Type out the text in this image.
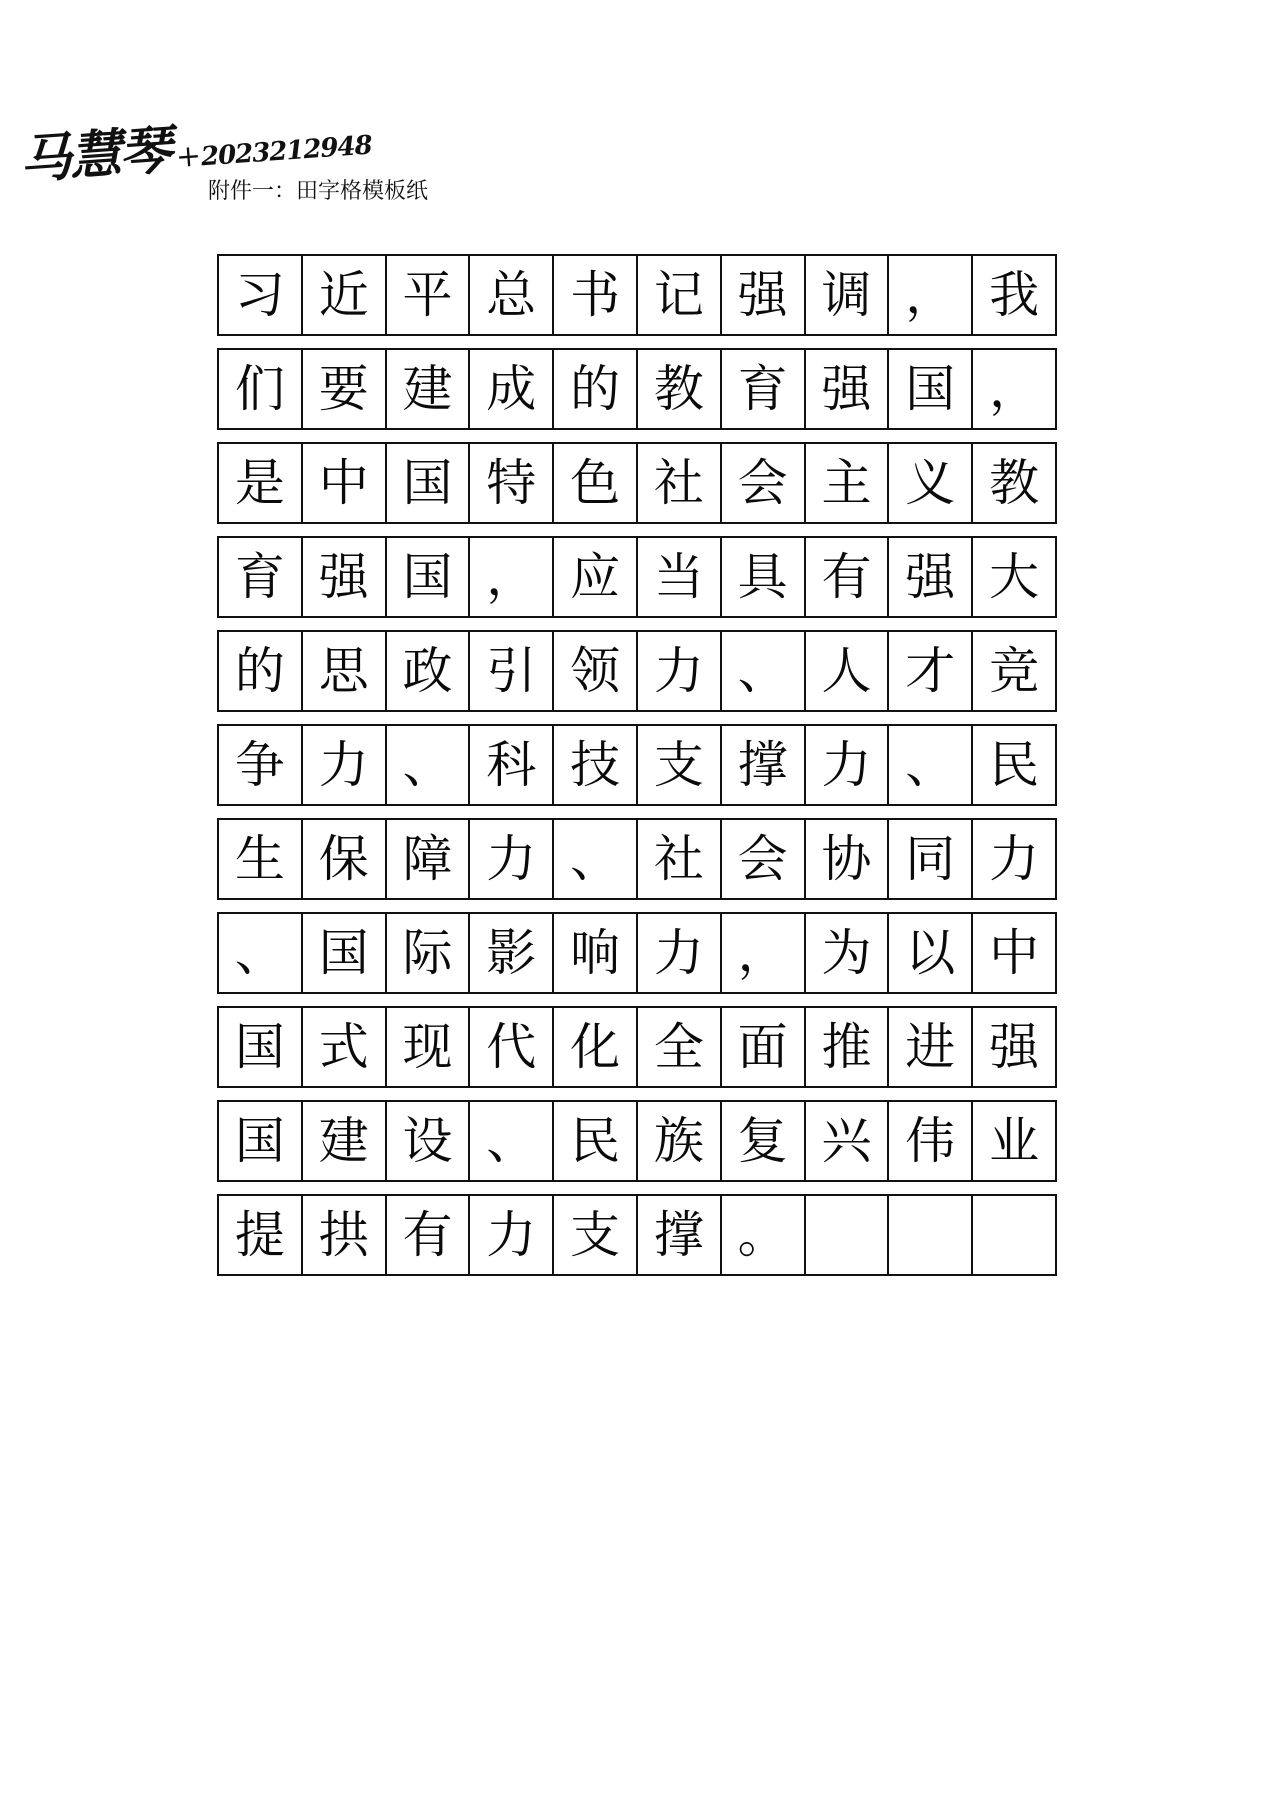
马慧琴 +2023212948
附件一：田字格模板纸
习 近 平 总 书 记 强 调 ， 我
们 要 建 成 的 教 育 强 国 ，
是 中 国 特 色 社 会 主 义 教
育 强 国 ， 应 当 具 有 强 大
的 思 政 引 领 力 、 人 才 竞
争 力 、 科 技 支 撑 力 、 民
生 保 障 力 、 社 会 协 同 力
、 国 际 影 响 力 ， 为 以 中
国 式 现 代 化 全 面 推 进 强
国 建 设 、 民 族 复 兴 伟 业
提 拱 有 力 支 撑 。
